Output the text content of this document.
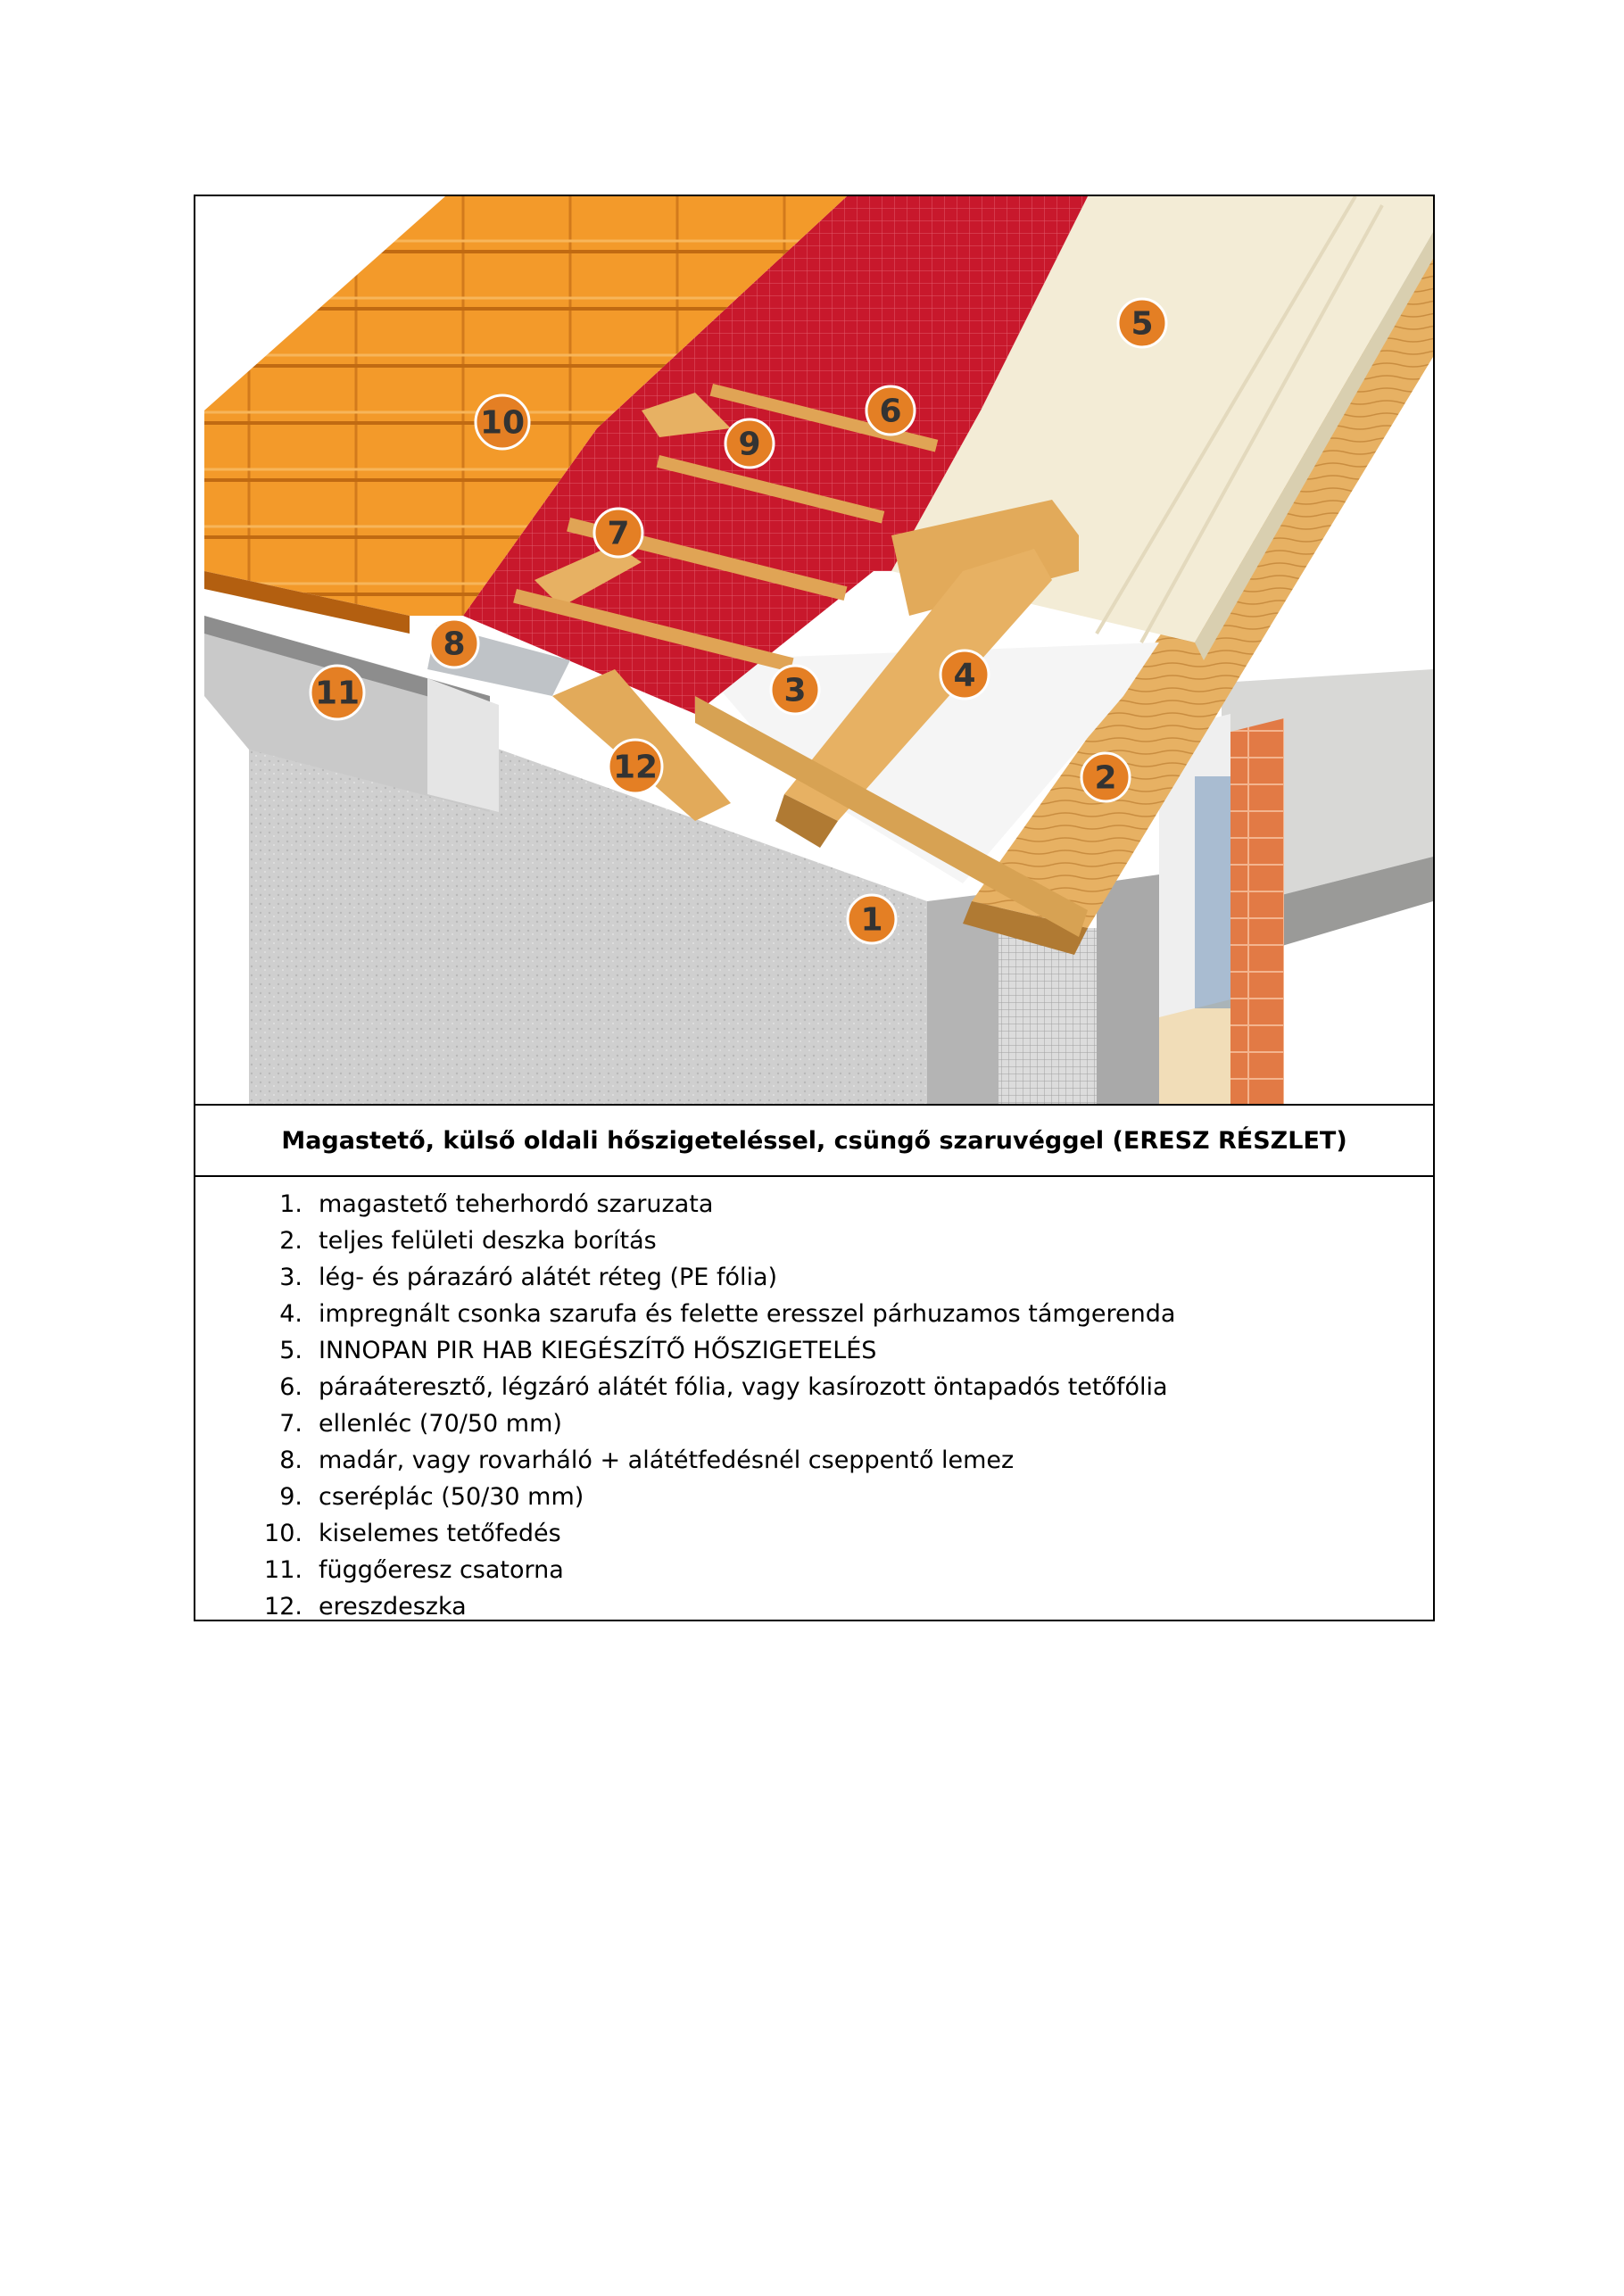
1
2
3	4
5
6
7
8
9
10
11
12
Magastető, külső oldali hőszigeteléssel, csüngő szaruvéggel (ERESZ RÉSZLET)
1. magastető teherhordó szaruzata
2. teljes felületi deszka borítás
3. lég- és párazáró alátét réteg (PE fólia)
4. impregnált csonka szarufa és felette eresszel párhuzamos támgerenda
5. INNOPAN PIR HAB KIEGÉSZÍTŐ HŐSZIGETELÉS
6. páraáteresztő, légzáró alátét fólia, vagy kasírozott öntapadós tetőfólia
7. ellenléc (70/50 mm)
8. madár, vagy rovarháló + alátétfedésnél cseppentő lemez
9. cseréplác (50/30 mm)
10. kiselemes tetőfedés
11. függőeresz csatorna
12. ereszdeszka
